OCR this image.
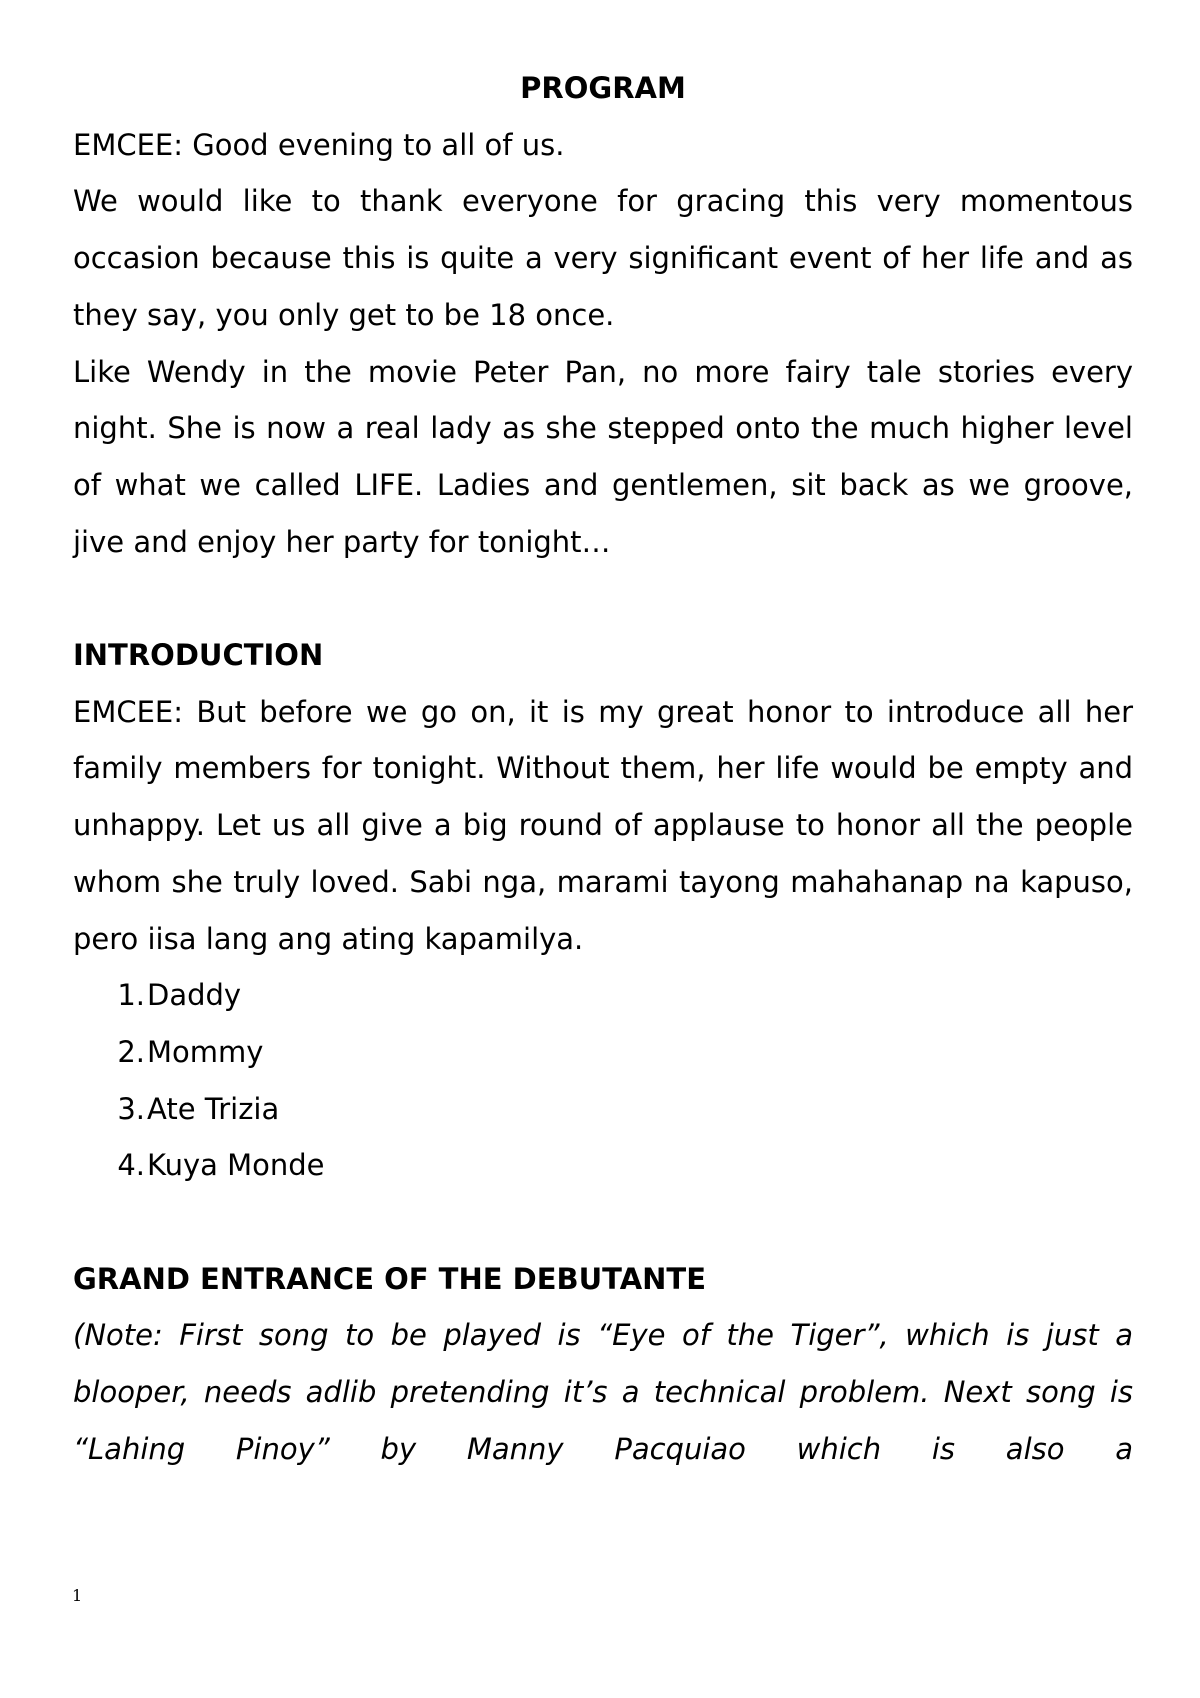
PROGRAM

EMCEE: Good evening to all of us.

We would like to thank everyone for gracing this very momentous occasion because this is quite a very significant event of her life and as they say, you only get to be 18 once.

Like Wendy in the movie Peter Pan, no more fairy tale stories every night. She is now a real lady as she stepped onto the much higher level of what we called LIFE. Ladies and gentlemen, sit back as we groove, jive and enjoy her party for tonight…

INTRODUCTION

EMCEE: But before we go on, it is my great honor to introduce all her family members for tonight. Without them, her life would be empty and unhappy. Let us all give a big round of applause to honor all the people whom she truly loved. Sabi nga, marami tayong mahahanap na kapuso, pero iisa lang ang ating kapamilya.

1. Daddy
2. Mommy
3. Ate Trizia
4. Kuya Monde

GRAND ENTRANCE OF THE DEBUTANTE

(Note: First song to be played is “Eye of the Tiger”, which is just a blooper, needs adlib pretending it’s a technical problem. Next song is “Lahing Pinoy” by Manny Pacquiao which is also a

1
